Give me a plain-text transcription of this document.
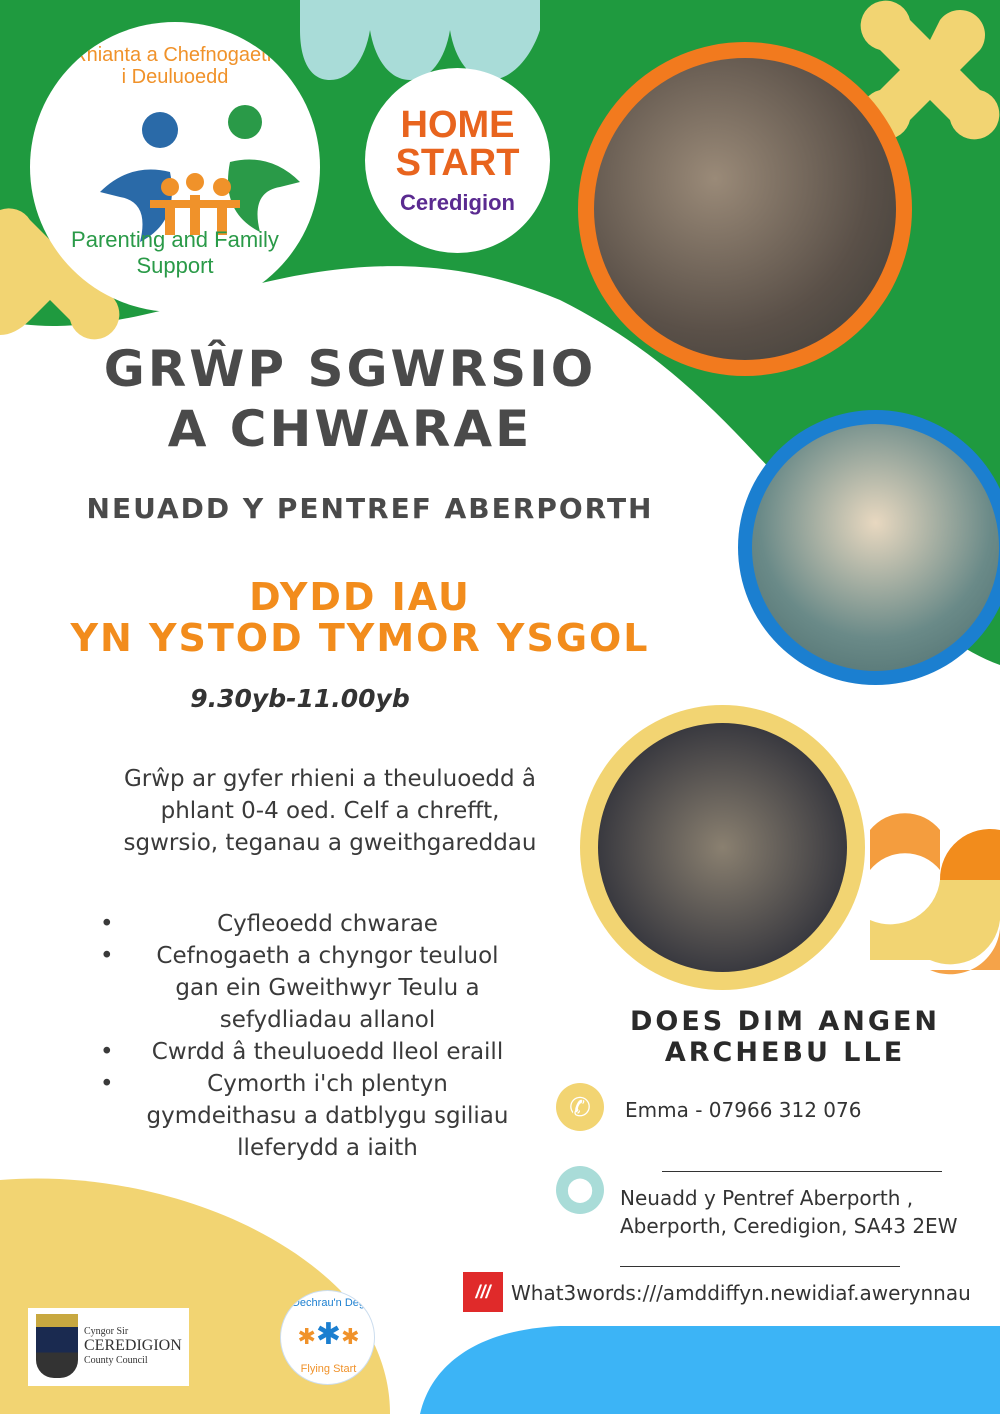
Rhianta a Chefnogaeth i Deuluoedd
Parenting and Family Support
HOME
START
Ceredigion
GRŴP SGWRSIO
A CHWARAE
NEUADD Y PENTREF ABERPORTH
DYDD IAU
YN YSTOD TYMOR YSGOL
9.30yb-11.00yb
Grŵp ar gyfer rhieni a theuluoedd â
phlant 0-4 oed. Celf a chrefft,
sgwrsio, teganau a gweithgareddau
•	Cyfleoedd chwarae
•	Cefnogaeth a chyngor teuluol
gan ein Gweithwyr Teulu a
sefydliadau allanol
•	Cwrdd â theuluoedd lleol eraill
•	Cymorth i'ch plentyn
gymdeithasu a datblygu sgiliau
lleferydd a iaith
DOES DIM ANGEN
ARCHEBU LLE
✆	Emma - 07966 312 076
⬤	Neuadd y Pentref Aberporth ,
Aberporth, Ceredigion, SA43 2EW
///	What3words:///amddiffyn.newidiaf.awerynnau
Cyngor Sir
CEREDIGION
County Council
Dechrau'n Deg
✱✱✱
Flying Start
